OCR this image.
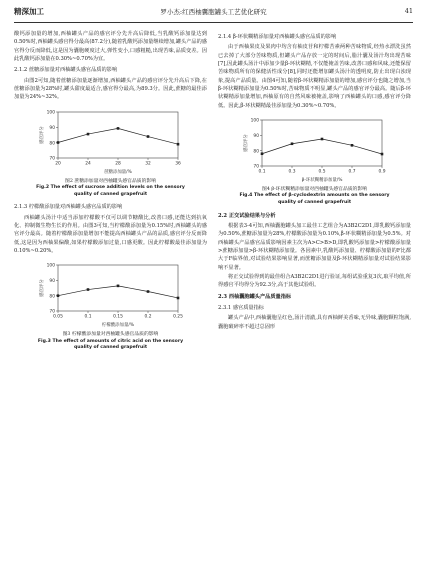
精深加工	罗小杰:红西柚囊胞罐头工艺优化研究	41

酸钙添加量的增加,西柚罐头产品的感官评分先升高后降低,当乳酸钙添加量达到0.50%时,西柚罐头感官得分最高(87.2分),随着乳酸钙添加量继续增加,罐头产品的感官得分反而降低,这是因为囊胞硬度过大,弹性变小,口感粗糙,出现苦味,品质变差。因此乳酸钙添加量在0.30%~0.70%为宜。

2.1.2 蔗糖添加量对西柚罐头感官品质的影响

由图2可知,随着蔗糖添加量逐渐增加,西柚罐头产品的感官评分先升高后下降,在蔗糖添加量为28%时,罐头甜度最适合,感官得分最高,为89.3分。因此,蔗糖的最佳添加量为24%~32%。

70
80
90
100
20	24	28	32	36
蔗糖添加量/%
感官评分
图2 蔗糖添加量对西柚罐头感官品质的影响
Fig.2 The effect of sucrose addition levels on the sensory
quality of canned grapefruit
2.1.3 柠檬酸添加量对西柚罐头感官品质的影响

西柚罐头汤汁中适当添加柠檬酸不仅可以调节糖酸比,改善口感,还能达到抗氧化、抑制微生物生长的作用。由图3可知,当柠檬酸添加量为0.15%时,西柚罐头的感官评分最高。随着柠檬酸添加量增加不能提高西柚罐头产品的品质,感官评分反而降低,这是因为西柚果偏酸,如果柠檬酸添加过量,口感更酸。因此柠檬酸最佳添加量为0.10%~0.20%。

70
80
90
100
0.05	0.1	0.15	0.2	0.25
柠檬酸添加量/%
感官评分
图3 柠檬酸添加量对西柚罐头感官品质的影响
Fig.3 The effect of amounts of citric acid on the sensory
quality of canned grapefruit
2.1.4 β-环状糊精添加量对西柚罐头感官品质的影响

由于西柚果皮及果肉中均含有柚皮苷和柠檬苦素两种苦味物质,经热水漂洗虽然已去掉了大部分苦味物质,但罐头产品存放一定的时间后,脂汁囊及汤汁均出现苦味[7],因此罐头汤汁中添加少量β-环状糊精,不仅能掩盖苦味,改善口感和风味,还能保留苦味物质所有的保健活性成分[8],同时还能增加罐头汤汁的透明度,防止出现白浊现象,提高产品质量。由图4可知,随着β-环状糊精添加量的增加,感官评分也随之增加,当β-环状糊精添加量为0.50%时,苦味物质不明显,罐头产品的感官评分最高。随后β-环状糊精添加量增加,西柚原有的自然风味被掩盖,影响了西柚罐头的口感,感官评分降低。因此,β-环状糊精最佳添加量为0.30%~0.70%。

70
80
90
100
0.1	0.3	0.5	0.7	0.9
β-环状糊精添加量/%
感官评分
图4 β-环状糊精添加量对西柚罐头感官品质的影响
Fig.4 The effect of β-cyclodextrin amounts on the sensory
quality of canned grapefruit
2.2 正交试验结果与分析

根据表3-4可知,西柚囊胞罐头加工最佳工艺组合为A3B2C2D1,即乳酸钙添加量为0.50%,蔗糖添加量为28%,柠檬酸添加量为0.10%,β-环状糊精添加量为0.5%。对西柚罐头产品感官品质影响因素主次为A>C>B>D,即乳酸钙添加量>柠檬酸添加量>蔗糖添加量>β-环状糊精添加量。各因素中,乳酸钙添加量、柠檬酸添加量的F比都大于F临界值,对试验结果影响显著,而蔗糖添加量及β-环状糊精添加量对试验结果影响不显著。

将正交试验得到的最佳组合A3B2C2D1进行验证,每组试验重复3次,取平均值,所得感官平均得分为92.3分,高于其他试验组。

2.3 西柚囊胞罐头产品质量指标
2.3.1 感官质量指标

罐头产品中,西柚囊胞呈红色,汤汁清澈,具有西柚鲜美香味,无异味,囊胞颗粒饱满,囊胞破碎率不超过总固形
